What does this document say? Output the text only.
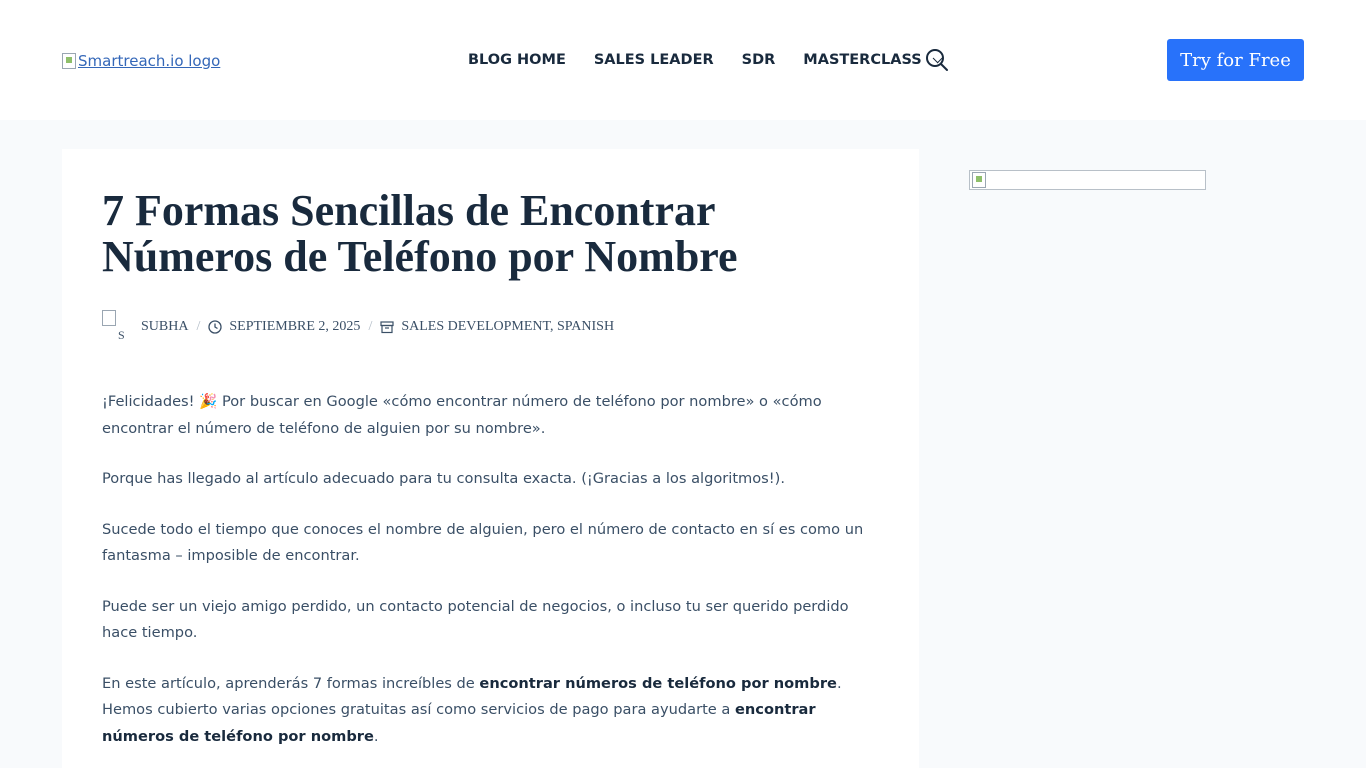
Smartreach.io logo	BLOG HOME SALES LEADER SDR MASTERCLASS	Try for Free
7 Formas Sencillas de Encontrar Números de Teléfono por Nombre
S
SUBHA / SEPTIEMBRE 2, 2025 / SALES DEVELOPMENT, SPANISH

¡Felicidades! 🎉 Por buscar en Google «cómo encontrar número de teléfono por nombre» o «cómo encontrar el número de teléfono de alguien por su nombre».

Porque has llegado al artículo adecuado para tu consulta exacta. (¡Gracias a los algoritmos!).

Sucede todo el tiempo que conoces el nombre de alguien, pero el número de contacto en sí es como un fantasma – imposible de encontrar.

Puede ser un viejo amigo perdido, un contacto potencial de negocios, o incluso tu ser querido perdido hace tiempo.

En este artículo, aprenderás 7 formas increíbles de encontrar números de teléfono por nombre. Hemos cubierto varias opciones gratuitas así como servicios de pago para ayudarte a encontrar números de teléfono por nombre.
